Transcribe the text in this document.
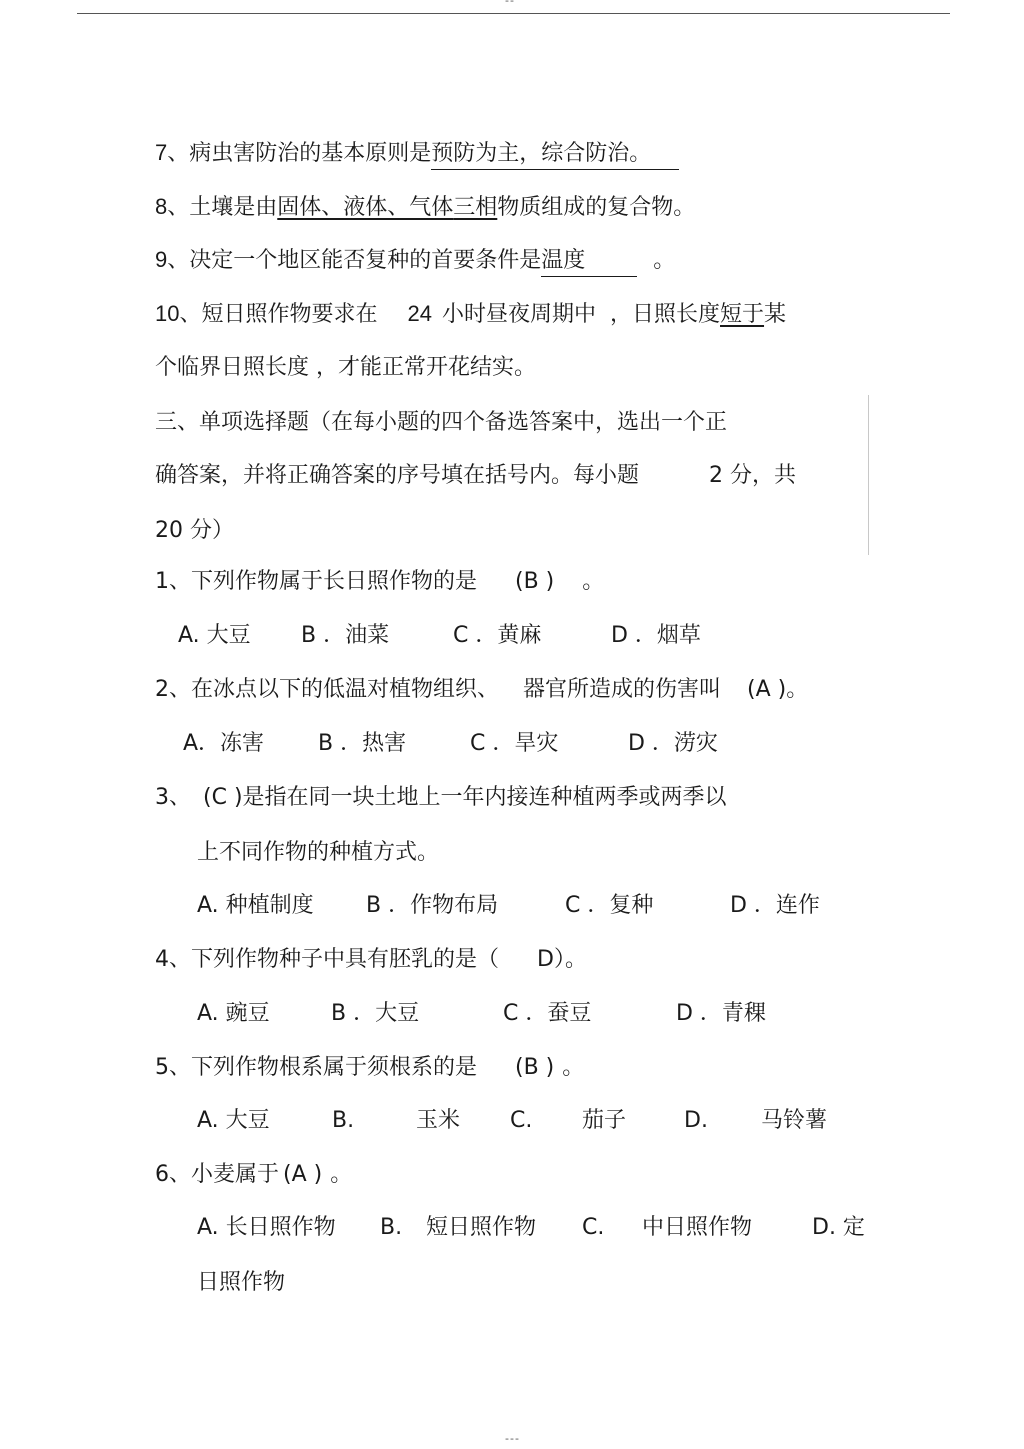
--
7、病虫害防治的基本原则是预防为主，综合防治。
8、土壤是由固体、液体、气体三相物质组成的复合物。
9、决定一个地区能否复种的首要条件是温度	。
10、短日照作物要求在 24 小时昼夜周期中 ，日照长度短于某
个临界日照长度 ，才能正常开花结实。
三、单项选择题（在每小题的四个备选答案中，选出一个正
确答案，并将正确答案的序号填在括号内。每小题	2 分，共
20 分）
1、下列作物属于长日照作物的是 (B ) 。
A. 大豆 B ．油菜	C ．黄麻	D ．烟草
2、在冰点以下的低温对植物组织、 器官所造成的伤害叫 (A )。
A．冻害 B ．热害	C ．旱灾	D ．涝灾
3、 (C )是指在同一块土地上一年内接连种植两季或两季以
上不同作物的种植方式。
A. 种植制度 B ．作物布局	C ．复种	D ．连作
4、下列作物种子中具有胚乳的是（ D）。
A. 豌豆	B ．大豆	C ．蚕豆	D ．青稞
5、下列作物根系属于须根系的是 (B ) 。
A. 大豆	B.	玉米 C. 茄子	D. 马铃薯
6、小麦属于 (A ) 。
A. 长日照作物 B. 短日照作物 C. 中日照作物	D. 定
日照作物
---
